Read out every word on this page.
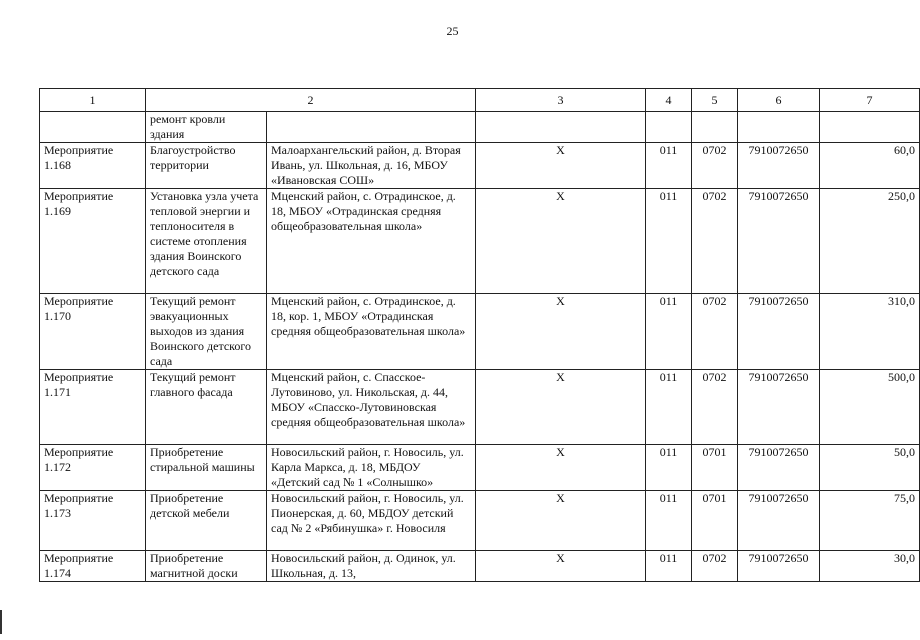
25
1	2		3	4	5	6	7
	ремонт кровли здания						
Мероприятие 1.168	Благоустройство территории	Малоархангельский район, д. Вторая Ивань, ул. Школьная, д. 16, МБОУ «Ивановская СОШ»	Х	011	0702	7910072650	60,0
Мероприятие 1.169	Установка узла учета тепловой энергии и теплоносителя в системе отопления здания Воинского детского сада	Мценский район, с. Отрадинское, д. 18, МБОУ «Отрадинская средняя общеобразовательная школа»	Х	011	0702	7910072650	250,0
Мероприятие 1.170	Текущий ремонт эвакуационных выходов из здания Воинского детского сада	Мценский район, с. Отрадинское, д. 18, кор. 1, МБОУ «Отрадинская средняя общеобразовательная школа»	Х	011	0702	7910072650	310,0
Мероприятие 1.171	Текущий ремонт главного фасада	Мценский район, с. Спасское-Лутовиново, ул. Никольская, д. 44, МБОУ «Спасско-Лутовиновская средняя общеобразовательная школа»	Х	011	0702	7910072650	500,0
Мероприятие 1.172	Приобретение стиральной машины	Новосильский район, г. Новосиль, ул. Карла Маркса, д. 18, МБДОУ «Детский сад № 1 «Солнышко»	Х	011	0701	7910072650	50,0
Мероприятие 1.173	Приобретение детской мебели	Новосильский район, г. Новосиль, ул. Пионерская, д. 60, МБДОУ детский сад № 2 «Рябинушка» г. Новосиля	Х	011	0701	7910072650	75,0
Мероприятие 1.174	Приобретение магнитной доски	Новосильский район, д. Одинок, ул. Школьная, д. 13,	Х	011	0702	7910072650	30,0
